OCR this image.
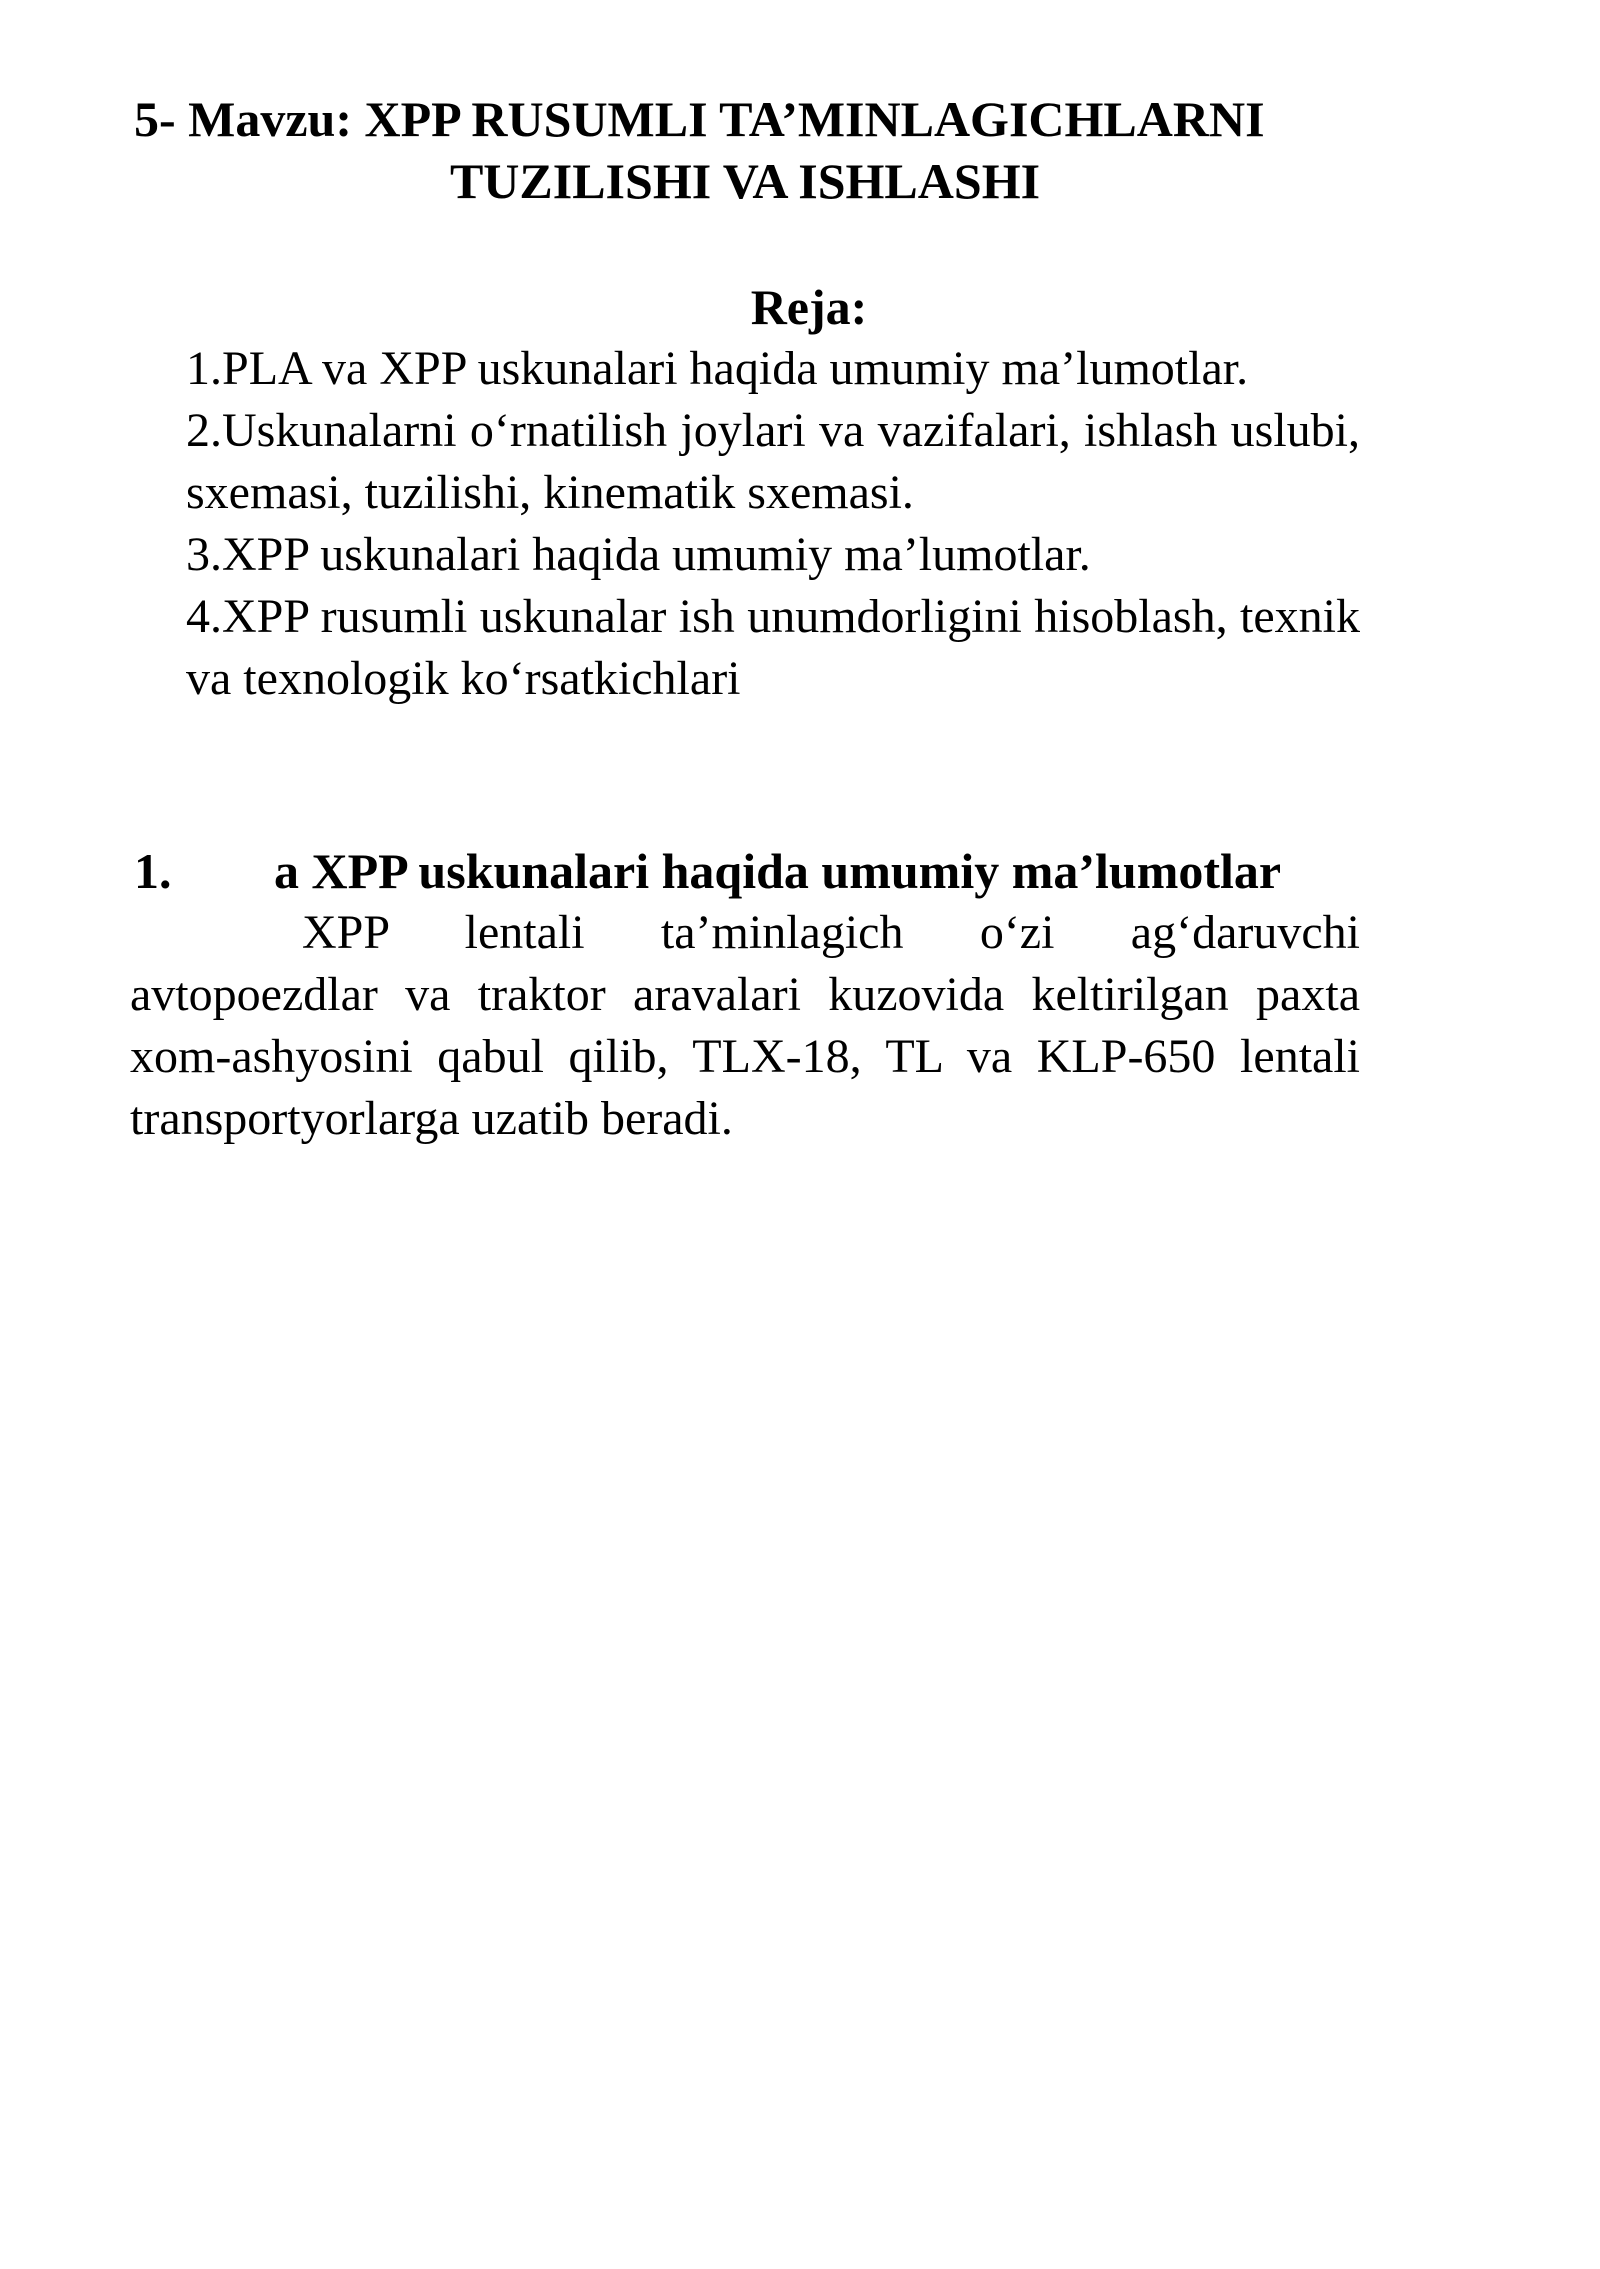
5- Mavzu: XPP RUSUMLI TA’MINLAGICHLARNI
TUZILISHI VA ISHLASHI
Reja:
1.PLA va XPP uskunalari haqida umumiy ma’lumotlar.
2.Uskunalarni oʻrnatilish joylari va vazifalari, ishlash uslubi, sxemasi, tuzilishi, kinematik sxemasi.
3.XPP uskunalari haqida umumiy ma’lumotlar.
4.XPP rusumli uskunalar ish unumdorligini hisoblash, texnik va texnologik koʻrsatkichlari
1.	a XPP uskunalari haqida umumiy ma’lumotlar
XPP lentali ta’minlagich oʻzi agʻdaruvchi avtopoezdlar va traktor aravalari kuzovida keltirilgan paxta xom-ashyosini qabul qilib, TLX-18, TL va KLP-650 lentali transportyorlarga uzatib beradi.
